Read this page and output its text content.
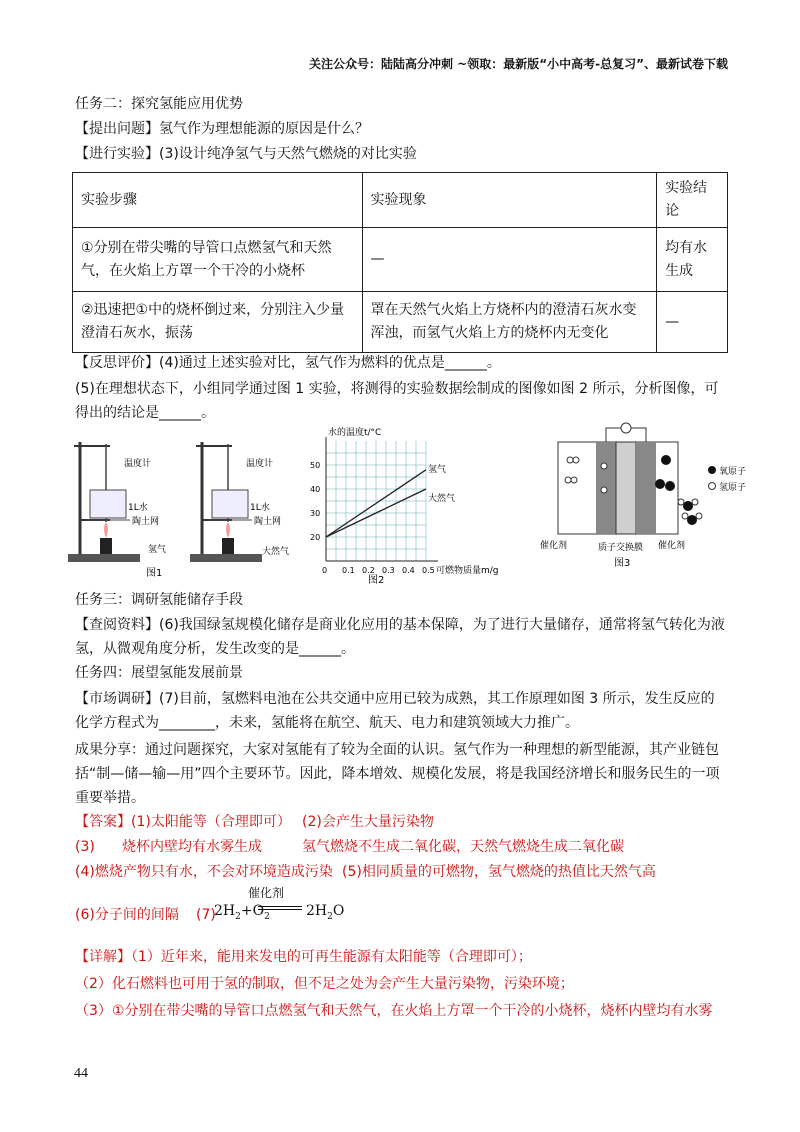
关注公众号：陆陆高分冲刺 ~领取：最新版“小中高考-总复习”、最新试卷下载
任务二：探究氢能应用优势
【提出问题】氢气作为理想能源的原因是什么？
【进行实验】(3)设计纯净氢气与天然气燃烧的对比实验
实验步骤	实验现象	实验结论
①分别在带尖嘴的导管口点燃氢气和天然气，在火焰上方罩一个干冷的小烧杯	—	均有水生成
②迅速把①中的烧杯倒过来，分别注入少量澄清石灰水，振荡	罩在天然气火焰上方烧杯内的澄清石灰水变浑浊，而氢气火焰上方的烧杯内无变化	—
【反思评价】(4)通过上述实验对比，氢气作为燃料的优点是______。
(5)在理想状态下，小组同学通过图 1 实验，将测得的实验数据绘制成的图像如图 2 所示，分析图像，可得出的结论是______。
温度计
1L水
陶土网
氢气
图1
温度计
1L水
陶土网
大然气
水的温度t/°C
可燃物质量m/g
图2
0 0.1 0.2 0.3 0.4 0.5
20
30
40
50	氢气
大然气
氧原子
氢原子
催化剂	质子交换膜 催化剂
图3
任务三：调研氢能储存手段
【查阅资料】(6)我国绿氢规模化储存是商业化应用的基本保障，为了进行大量储存，通常将氢气转化为液氢，从微观角度分析，发生改变的是______。
任务四：展望氢能发展前景
【市场调研】(7)目前，氢燃料电池在公共交通中应用已较为成熟，其工作原理如图 3 所示，发生反应的化学方程式为________，未来，氢能将在航空、航天、电力和建筑领域大力推广。
成果分享：通过问题探究，大家对氢能有了较为全面的认识。氢气作为一种理想的新型能源，其产业链包括“制—储—输—用”四个主要环节。因此，降本增效、规模化发展，将是我国经济增长和服务民生的一项重要举措。
【答案】(1)太阳能等（合理即可） (2)会产生大量污染物
(3) 烧杯内壁均有水雾生成	氢气燃烧不生成二氧化碳，天然气燃烧生成二氧化碳
(4)燃烧产物只有水，不会对环境造成污染 (5)相同质量的可燃物，氢气燃烧的热值比天然气高
(6)分子间的间隔 (7)
催化剂
$2H_2+O_2$	$2H_2O$
【详解】（1）近年来，能用来发电的可再生能源有太阳能等（合理即可）；
（2）化石燃料也可用于氢的制取，但不足之处为会产生大量污染物，污染环境；
（3）①分别在带尖嘴的导管口点燃氢气和天然气，在火焰上方罩一个干冷的小烧杯，烧杯内壁均有水雾
44
